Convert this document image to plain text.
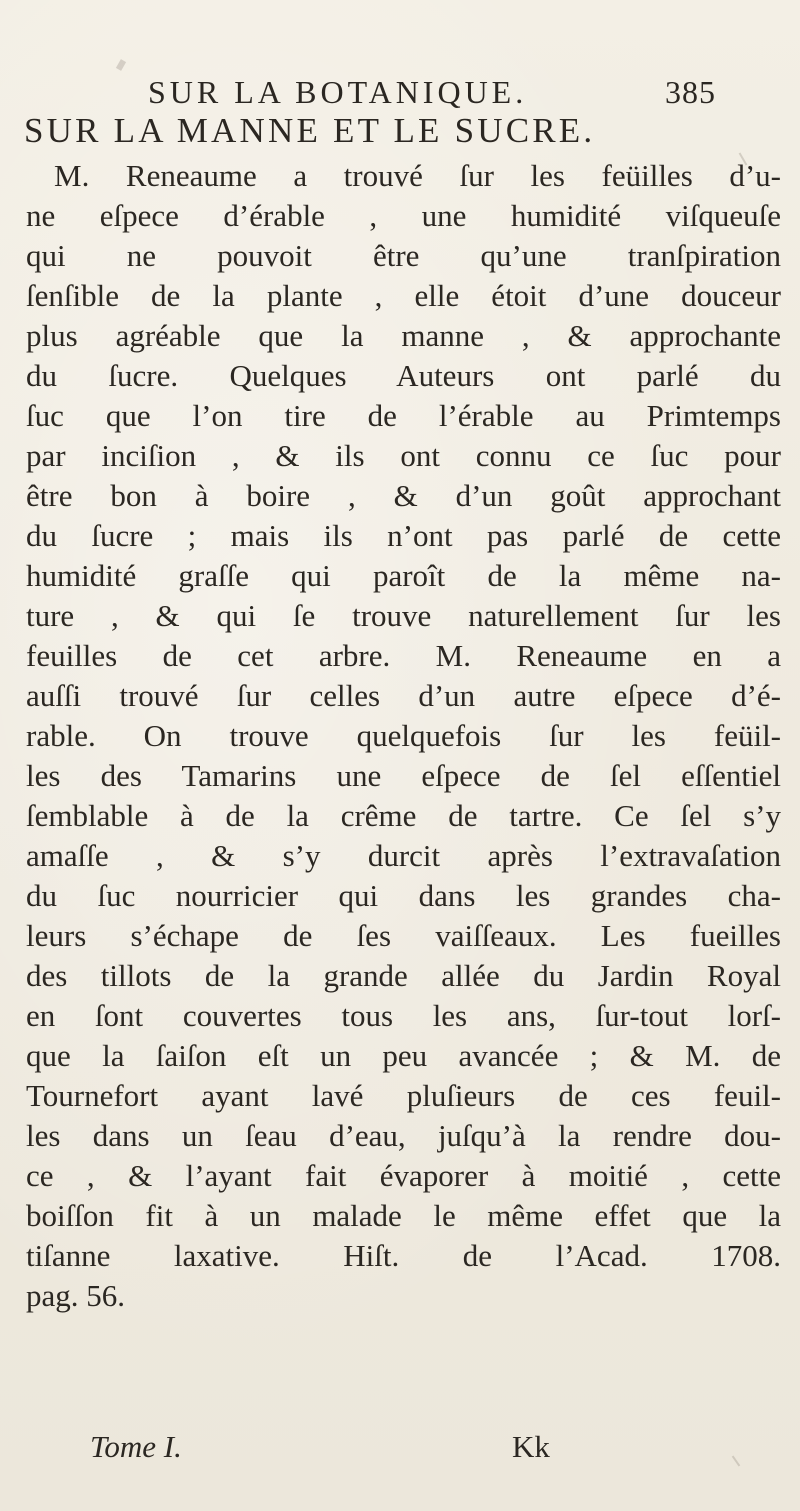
SUR LA BOTANIQUE.	385
SUR LA MANNE ET LE SUCRE.
M. Reneaume a trouvé ſur les feüilles d’u-
ne eſpece d’érable , une humidité viſqueuſe
qui ne pouvoit être qu’une tranſpiration
ſenſible de la plante , elle étoit d’une douceur
plus agréable que la manne , & approchante
du ſucre. Quelques Auteurs ont parlé du
ſuc que l’on tire de l’érable au Primtemps
par inciſion , & ils ont connu ce ſuc pour
être bon à boire , & d’un goût approchant
du ſucre ; mais ils n’ont pas parlé de cette
humidité graſſe qui paroît de la même na-
ture , & qui ſe trouve naturellement ſur les
feuilles de cet arbre. M. Reneaume en a
auſſi trouvé ſur celles d’un autre eſpece d’é-
rable. On trouve quelquefois ſur les feüil-
les des Tamarins une eſpece de ſel eſſentiel
ſemblable à de la crême de tartre. Ce ſel s’y
amaſſe , & s’y durcit après l’extravaſation
du ſuc nourricier qui dans les grandes cha-
leurs s’échape de ſes vaiſſeaux. Les fueilles
des tillots de la grande allée du Jardin Royal
en ſont couvertes tous les ans, ſur-tout lorſ-
que la ſaiſon eſt un peu avancée ; & M. de
Tournefort ayant lavé pluſieurs de ces feuil-
les dans un ſeau d’eau, juſqu’à la rendre dou-
ce , & l’ayant fait évaporer à moitié , cette
boiſſon fit à un malade le même effet que la
tiſanne laxative. Hiſt. de l’Acad. 1708.
pag. 56.
Tome I.	Kk
